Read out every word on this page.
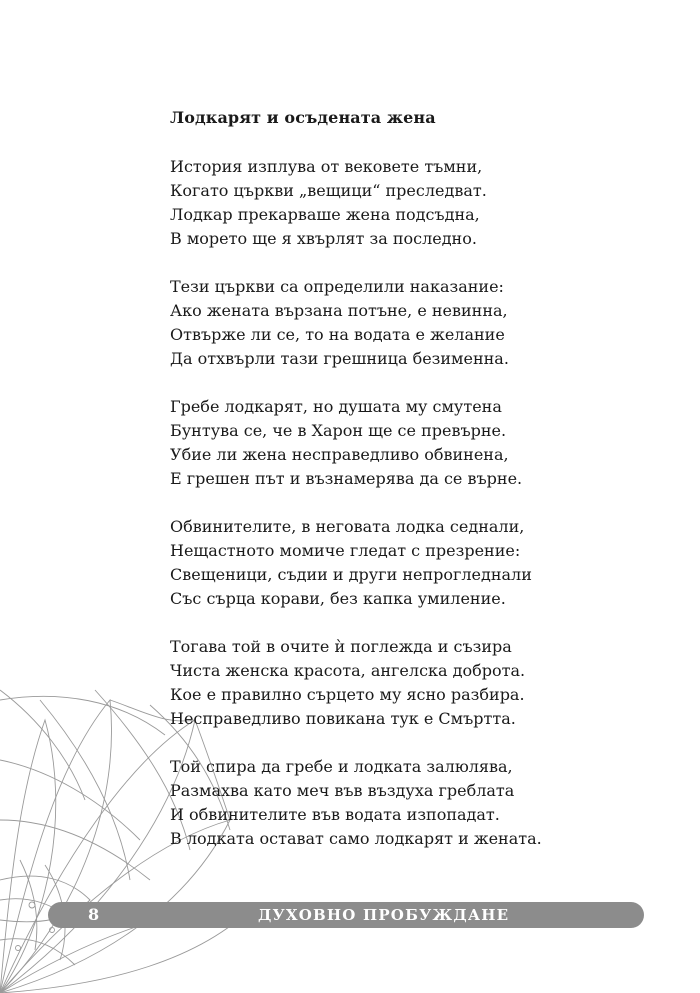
Лодкарят и осъдената жена
История изплува от вековете тъмни,
Когато църкви „вещици“ преследват.
Лодкар прекарваше жена подсъдна,
В морето ще я хвърлят за последно.
Тези църкви са определили наказание:
Ако жената вързана потъне, е невинна,
Отвърже ли се, то на водата е желание
Да отхвърли тази грешница безименна.
Гребе лодкарят, но душата му смутена
Бунтува се, че в Харон ще се превърне.
Убие ли жена несправедливо обвинена,
Е грешен път и възнамерява да се върне.
Обвинителите, в неговата лодка седнали,
Нещастното момиче гледат с презрение:
Свещеници, съдии и други непрогледнали
Със сърца корави, без капка умиление.
Тогава той в очите ѝ поглежда и съзира
Чиста женска красота, ангелска доброта.
Кое е правилно сърцето му ясно разбира.
Несправедливо повикана тук е Смъртта.
Той спира да гребе и лодката залюлява,
Размахва като меч във въздуха греблата
И обвинителите във водата изпопадат.
В лодката остават само лодкарят и жената.
8	ДУХОВНО ПРОБУЖДАНЕ
